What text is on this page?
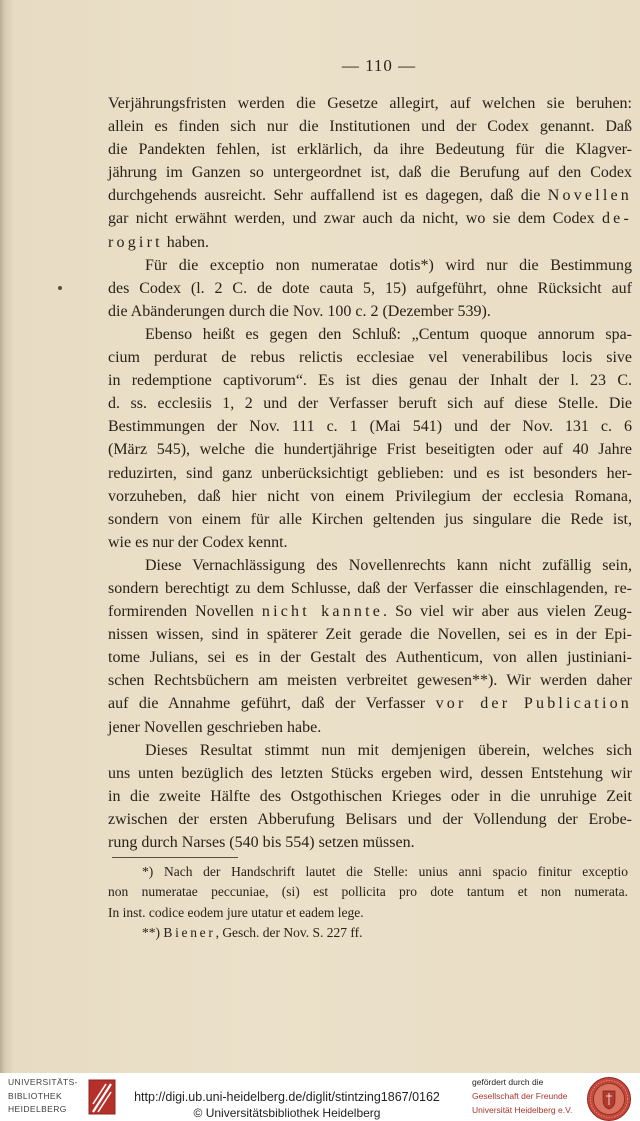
— 110 —
Verjährungsfristen werden die Gesetze allegirt, auf welchen sie beruhen:
allein es finden sich nur die Institutionen und der Codex genannt. Daß
die Pandekten fehlen, ist erklärlich, da ihre Bedeutung für die Klagver-
jährung im Ganzen so untergeordnet ist, daß die Berufung auf den Codex
durchgehends ausreicht. Sehr auffallend ist es dagegen, daß die Novellen
gar nicht erwähnt werden, und zwar auch da nicht, wo sie dem Codex de-
rogirt haben.
Für die exceptio non numeratae dotis*) wird nur die Bestimmung
des Codex (l. 2 C. de dote cauta 5, 15) aufgeführt, ohne Rücksicht auf
die Abänderungen durch die Nov. 100 c. 2 (Dezember 539).
Ebenso heißt es gegen den Schluß: „Centum quoque annorum spa-
cium perdurat de rebus relictis ecclesiae vel venerabilibus locis sive
in redemptione captivorum“. Es ist dies genau der Inhalt der l. 23 C.
d. ss. ecclesiis 1, 2 und der Verfasser beruft sich auf diese Stelle. Die
Bestimmungen der Nov. 111 c. 1 (Mai 541) und der Nov. 131 c. 6
(März 545), welche die hundertjährige Frist beseitigten oder auf 40 Jahre
reduzirten, sind ganz unberücksichtigt geblieben: und es ist besonders her-
vorzuheben, daß hier nicht von einem Privilegium der ecclesia Romana,
sondern von einem für alle Kirchen geltenden jus singulare die Rede ist,
wie es nur der Codex kennt.
Diese Vernachlässigung des Novellenrechts kann nicht zufällig sein,
sondern berechtigt zu dem Schlusse, daß der Verfasser die einschlagenden, re-
formirenden Novellen nicht kannte. So viel wir aber aus vielen Zeug-
nissen wissen, sind in späterer Zeit gerade die Novellen, sei es in der Epi-
tome Julians, sei es in der Gestalt des Authenticum, von allen justiniani-
schen Rechtsbüchern am meisten verbreitet gewesen**). Wir werden daher
auf die Annahme geführt, daß der Verfasser vor der Publication
jener Novellen geschrieben habe.
Dieses Resultat stimmt nun mit demjenigen überein, welches sich
uns unten bezüglich des letzten Stücks ergeben wird, dessen Entstehung wir
in die zweite Hälfte des Ostgothischen Krieges oder in die unruhige Zeit
zwischen der ersten Abberufung Belisars und der Vollendung der Erobe-
rung durch Narses (540 bis 554) setzen müssen.
*) Nach der Handschrift lautet die Stelle: unius anni spacio finitur exceptio
non numeratae peccuniae, (si) est pollicita pro dote tantum et non numerata.
In inst. codice eodem jure utatur et eadem lege.
**) Biener, Gesch. der Nov. S. 227 ff.
UNIVERSITÄTS-
BIBLIOTHEK
HEIDELBERG
http://digi.ub.uni-heidelberg.de/diglit/stintzing1867/0162
© Universitätsbibliothek Heidelberg
gefördert durch die
Gesellschaft der Freunde
Universität Heidelberg e.V.
